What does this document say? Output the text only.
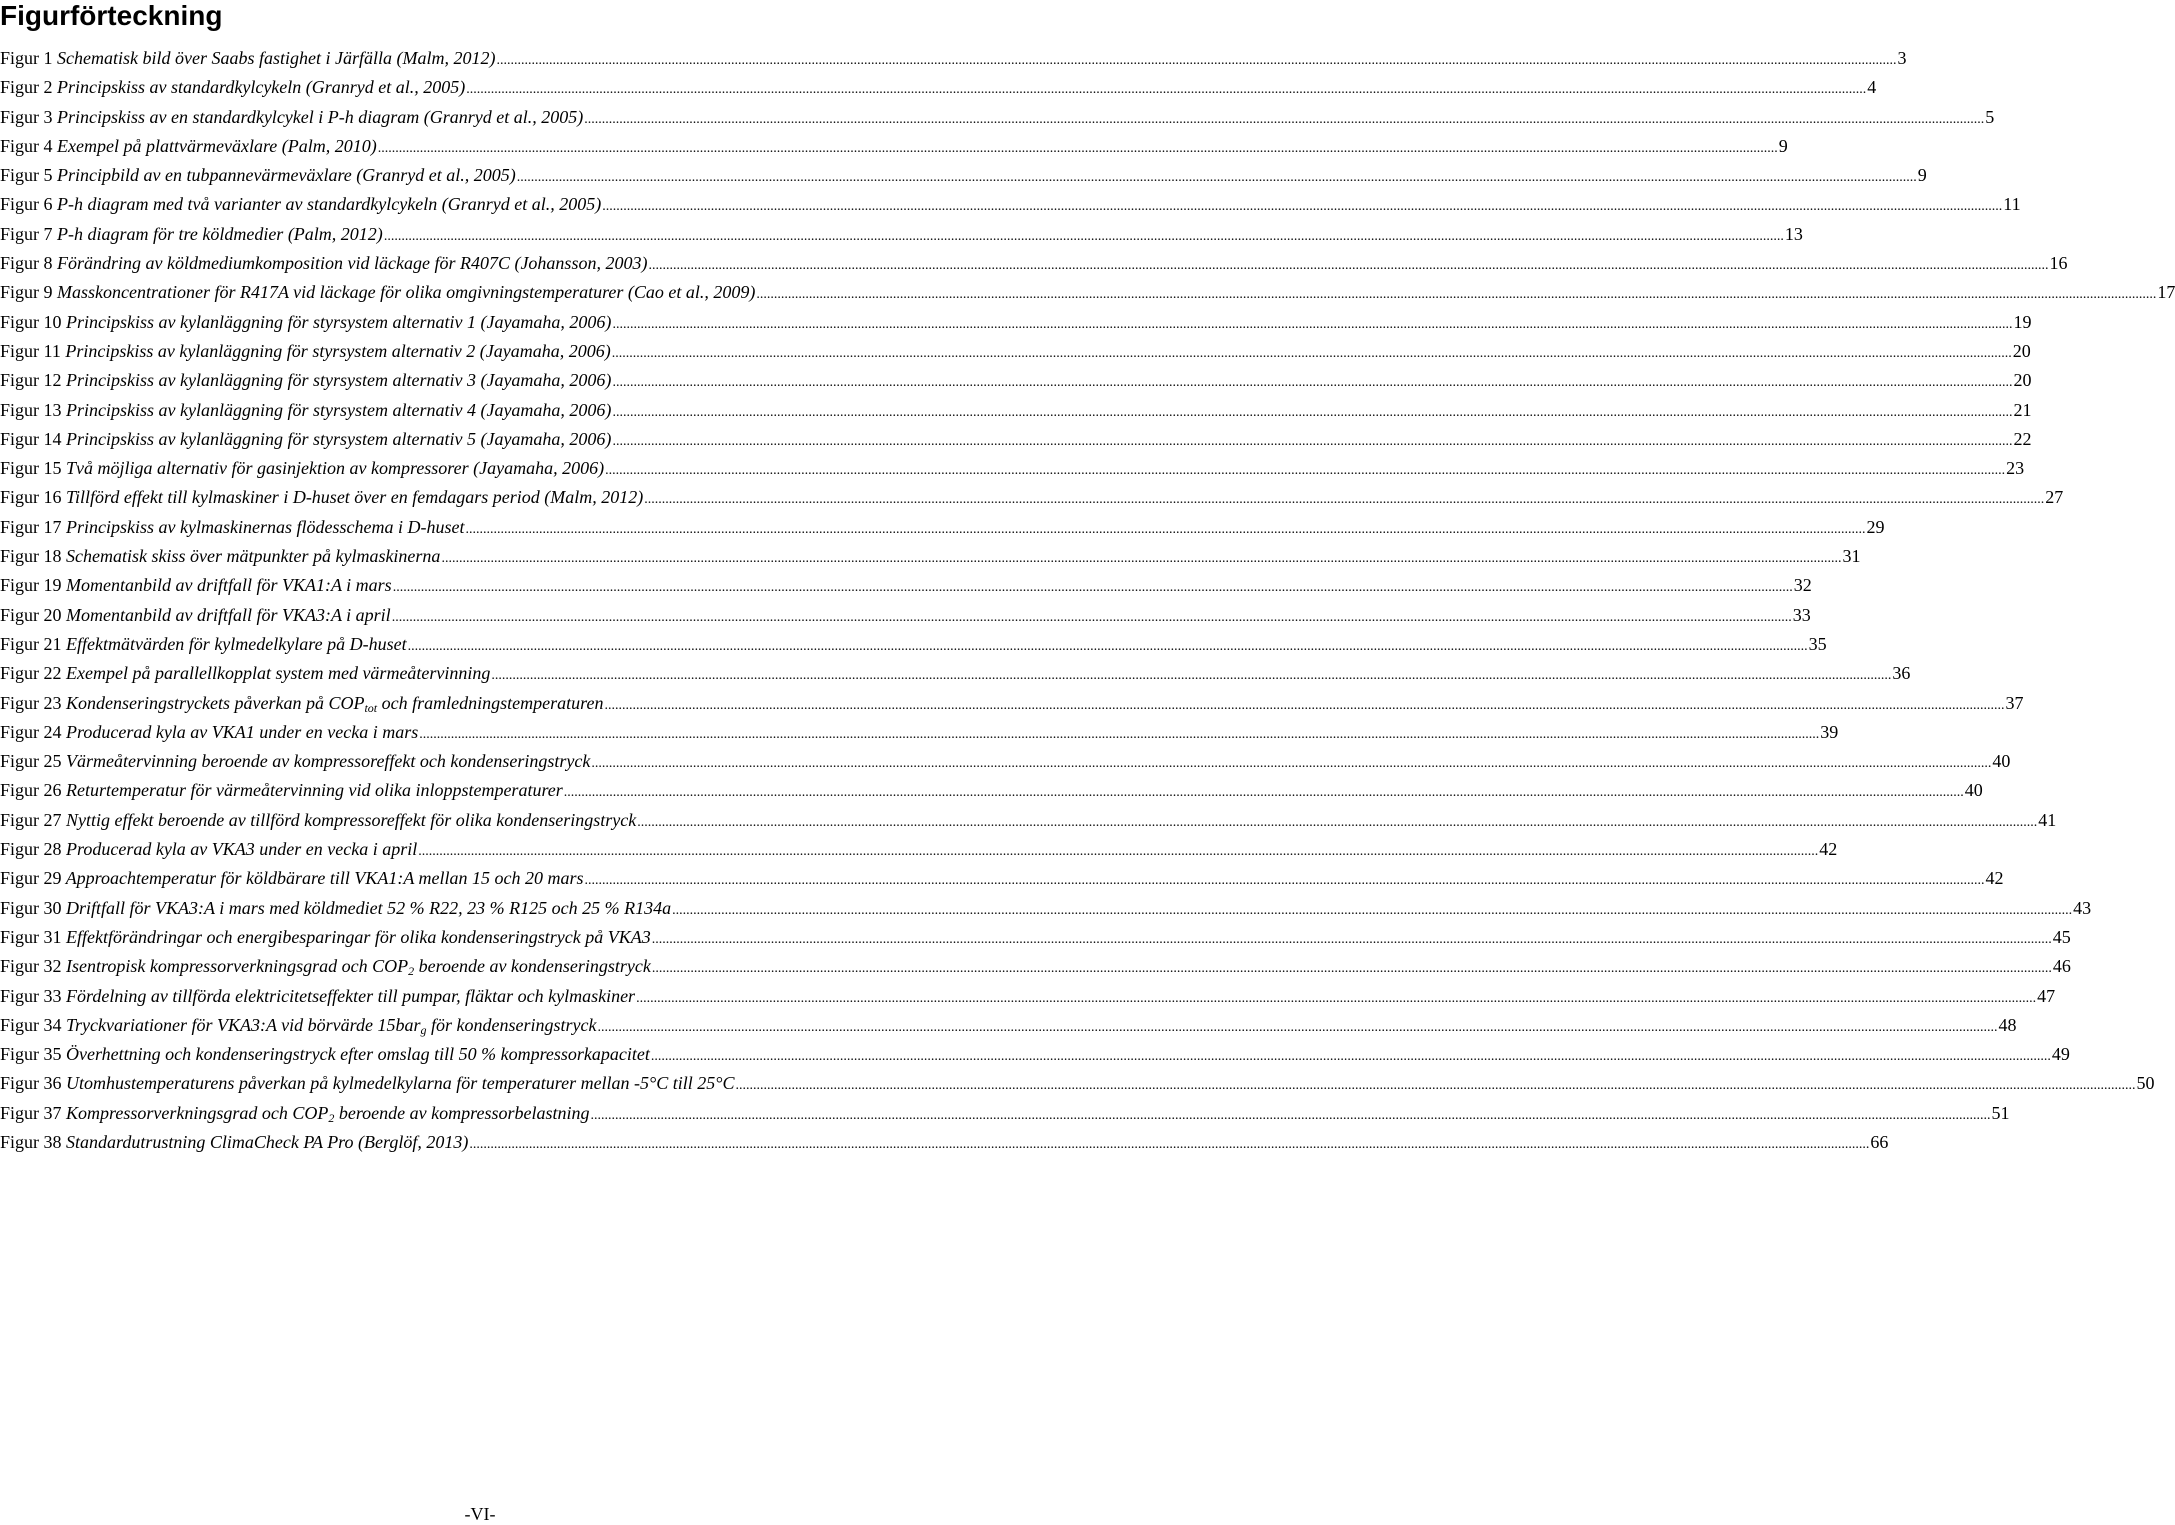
Figurförteckning
Figur 1 Schematisk bild över Saabs fastighet i Järfälla (Malm, 2012) ................................................................................................................................................................................................................................................................................................................................................................................................................ 3
Figur 2 Principskiss av standardkylcykeln (Granryd et al., 2005) ................................................................................................................................................................................................................................................................................................................................................................................................................ 4
Figur 3 Principskiss av en standardkylcykel i P-h diagram (Granryd et al., 2005) ................................................................................................................................................................................................................................................................................................................................................................................................................ 5
Figur 4 Exempel på plattvärmeväxlare (Palm, 2010) ................................................................................................................................................................................................................................................................................................................................................................................................................ 9
Figur 5 Principbild av en tubpannevärmeväxlare (Granryd et al., 2005) ................................................................................................................................................................................................................................................................................................................................................................................................................ 9
Figur 6 P-h diagram med två varianter av standardkylcykeln (Granryd et al., 2005) ................................................................................................................................................................................................................................................................................................................................................................................................................ 11
Figur 7 P-h diagram för tre köldmedier (Palm, 2012) ................................................................................................................................................................................................................................................................................................................................................................................................................ 13
Figur 8 Förändring av köldmediumkomposition vid läckage för R407C (Johansson, 2003) ................................................................................................................................................................................................................................................................................................................................................................................................................ 16
Figur 9 Masskoncentrationer för R417A vid läckage för olika omgivningstemperaturer (Cao et al., 2009) ................................................................................................................................................................................................................................................................................................................................................................................................................ 17
Figur 10 Principskiss av kylanläggning för styrsystem alternativ 1 (Jayamaha, 2006) ................................................................................................................................................................................................................................................................................................................................................................................................................ 19
Figur 11 Principskiss av kylanläggning för styrsystem alternativ 2 (Jayamaha, 2006) ................................................................................................................................................................................................................................................................................................................................................................................................................ 20
Figur 12 Principskiss av kylanläggning för styrsystem alternativ 3 (Jayamaha, 2006) ................................................................................................................................................................................................................................................................................................................................................................................................................ 20
Figur 13 Principskiss av kylanläggning för styrsystem alternativ 4 (Jayamaha, 2006) ................................................................................................................................................................................................................................................................................................................................................................................................................ 21
Figur 14 Principskiss av kylanläggning för styrsystem alternativ 5 (Jayamaha, 2006) ................................................................................................................................................................................................................................................................................................................................................................................................................ 22
Figur 15 Två möjliga alternativ för gasinjektion av kompressorer (Jayamaha, 2006) ................................................................................................................................................................................................................................................................................................................................................................................................................ 23
Figur 16 Tillförd effekt till kylmaskiner i D-huset över en femdagars period (Malm, 2012) ................................................................................................................................................................................................................................................................................................................................................................................................................ 27
Figur 17 Principskiss av kylmaskinernas flödesschema i D-huset ................................................................................................................................................................................................................................................................................................................................................................................................................ 29
Figur 18 Schematisk skiss över mätpunkter på kylmaskinerna ................................................................................................................................................................................................................................................................................................................................................................................................................ 31
Figur 19 Momentanbild av driftfall för VKA1:A i mars ................................................................................................................................................................................................................................................................................................................................................................................................................ 32
Figur 20 Momentanbild av driftfall för VKA3:A i april ................................................................................................................................................................................................................................................................................................................................................................................................................ 33
Figur 21 Effektmätvärden för kylmedelkylare på D-huset ................................................................................................................................................................................................................................................................................................................................................................................................................ 35
Figur 22 Exempel på parallellkopplat system med värmeåtervinning ................................................................................................................................................................................................................................................................................................................................................................................................................ 36
Figur 23 Kondenseringstryckets påverkan på $COP_{tot}$ och framledningstemperaturen ................................................................................................................................................................................................................................................................................................................................................................................................................ 37
Figur 24 Producerad kyla av VKA1 under en vecka i mars ................................................................................................................................................................................................................................................................................................................................................................................................................ 39
Figur 25 Värmeåtervinning beroende av kompressoreffekt och kondenseringstryck ................................................................................................................................................................................................................................................................................................................................................................................................................ 40
Figur 26 Returtemperatur för värmeåtervinning vid olika inloppstemperaturer ................................................................................................................................................................................................................................................................................................................................................................................................................ 40
Figur 27 Nyttig effekt beroende av tillförd kompressoreffekt för olika kondenseringstryck ................................................................................................................................................................................................................................................................................................................................................................................................................ 41
Figur 28 Producerad kyla av VKA3 under en vecka i april ................................................................................................................................................................................................................................................................................................................................................................................................................ 42
Figur 29 Approachtemperatur för köldbärare till VKA1:A mellan 15 och 20 mars ................................................................................................................................................................................................................................................................................................................................................................................................................ 42
Figur 30 Driftfall för VKA3:A i mars med köldmediet 52 % R22, 23 % R125 och 25 % R134a ................................................................................................................................................................................................................................................................................................................................................................................................................ 43
Figur 31 Effektförändringar och energibesparingar för olika kondenseringstryck på VKA3 ................................................................................................................................................................................................................................................................................................................................................................................................................ 45
Figur 32 Isentropisk kompressorverkningsgrad och $COP_2$ beroende av kondenseringstryck ................................................................................................................................................................................................................................................................................................................................................................................................................ 46
Figur 33 Fördelning av tillförda elektricitetseffekter till pumpar, fläktar och kylmaskiner ................................................................................................................................................................................................................................................................................................................................................................................................................ 47
Figur 34 Tryckvariationer för VKA3:A vid börvärde 15bar$_g$ för kondenseringstryck ................................................................................................................................................................................................................................................................................................................................................................................................................ 48
Figur 35 Överhettning och kondenseringstryck efter omslag till 50 % kompressorkapacitet ................................................................................................................................................................................................................................................................................................................................................................................................................ 49
Figur 36 Utomhustemperaturens påverkan på kylmedelkylarna för temperaturer mellan -5°C till 25°C ................................................................................................................................................................................................................................................................................................................................................................................................................ 50
Figur 37 Kompressorverkningsgrad och $COP_2$ beroende av kompressorbelastning ................................................................................................................................................................................................................................................................................................................................................................................................................ 51
Figur 38 Standardutrustning ClimaCheck PA Pro (Berglöf, 2013) ................................................................................................................................................................................................................................................................................................................................................................................................................ 66
-VI-
